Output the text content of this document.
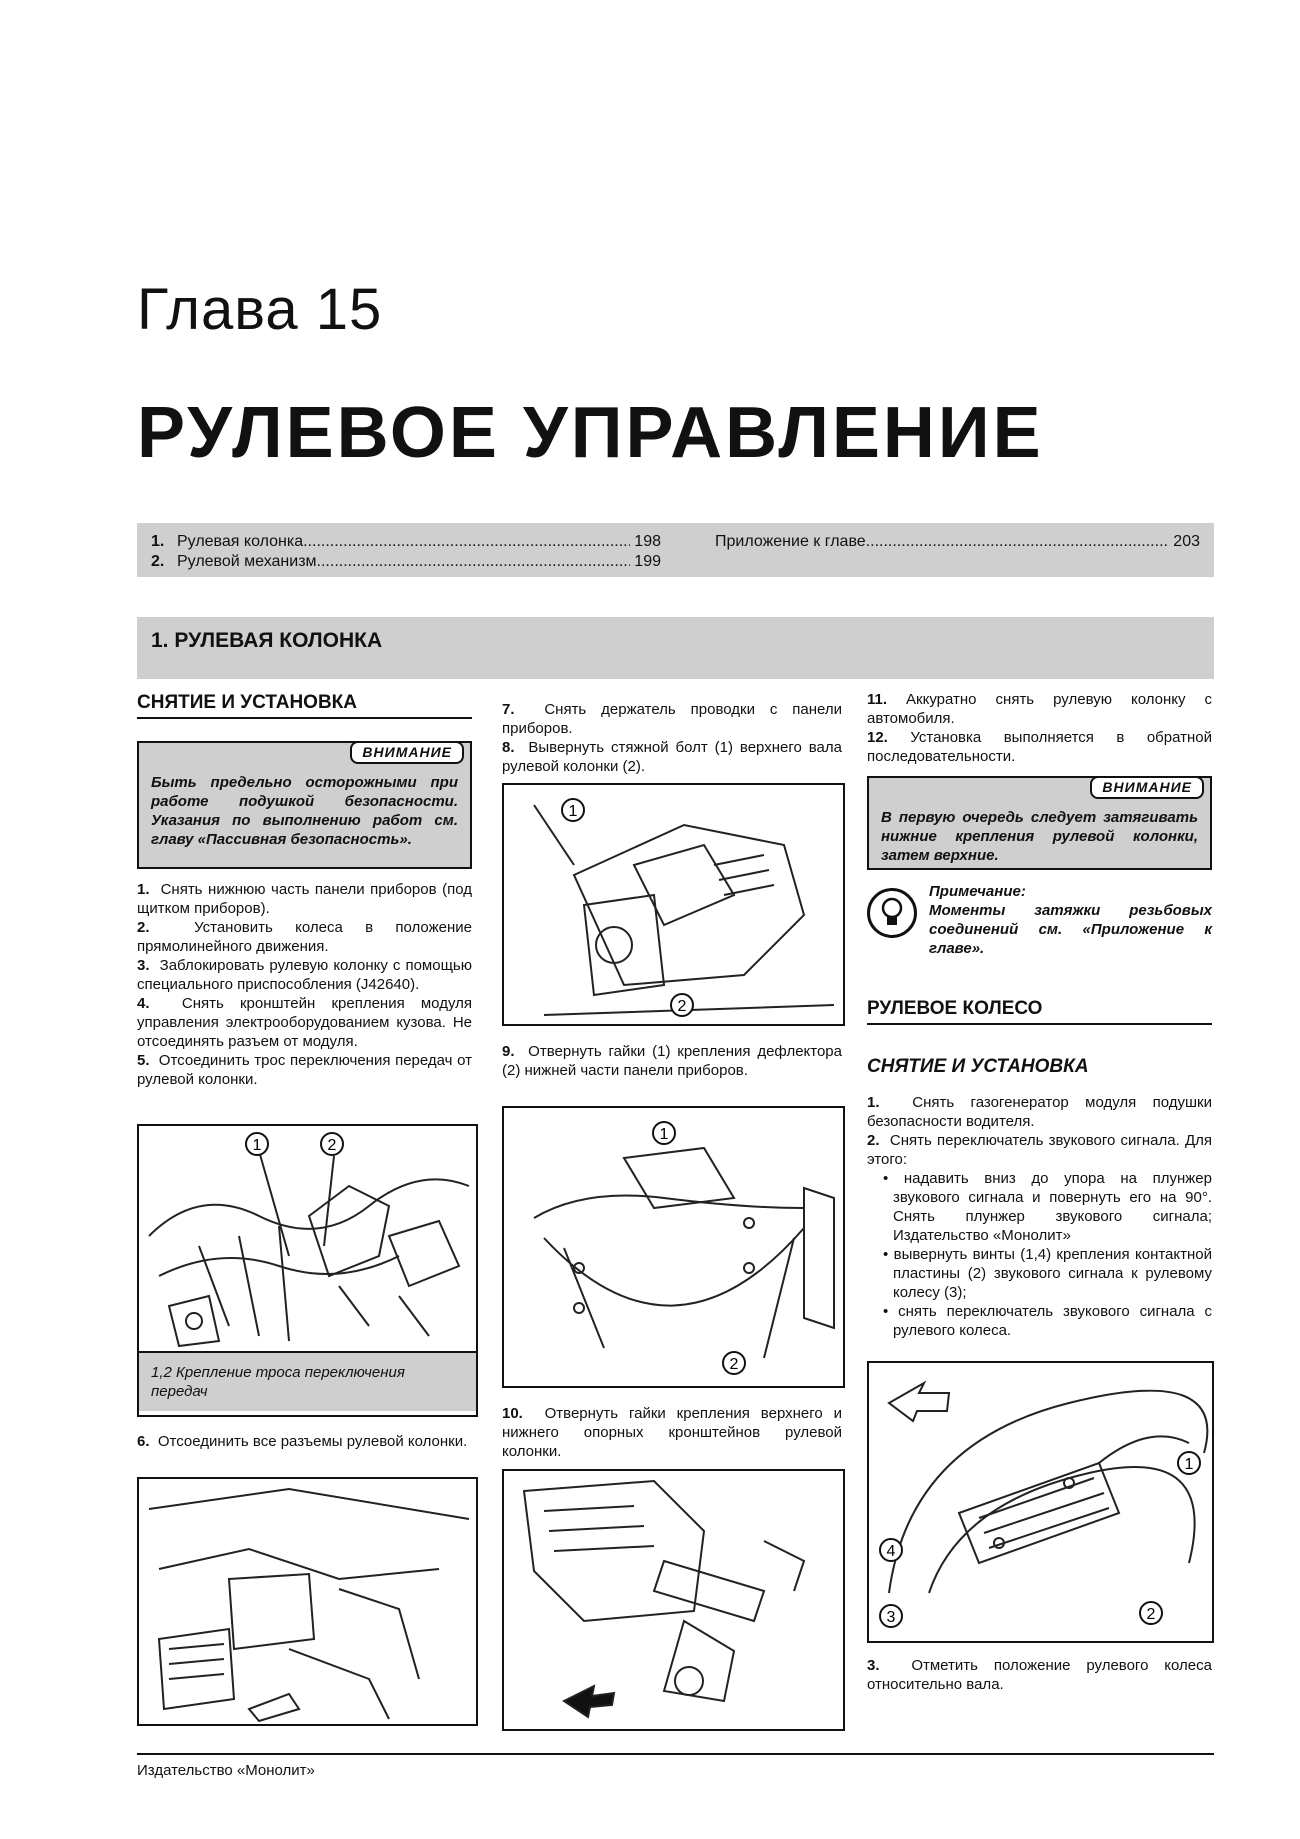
Глава 15
РУЛЕВОЕ УПРАВЛЕНИЕ
1. Рулевая колонка .....	198
2. Рулевой механизм .....	199
Приложение к главе .....	203
1. РУЛЕВАЯ КОЛОНКА
СНЯТИЕ И УСТАНОВКА
ВНИМАНИЕ
Быть предельно осторожными при работе подушкой безопасности. Указания по выполнению работ см. главу «Пассивная безопасность».
1. Снять нижнюю часть панели приборов (под щитком приборов).
2.	Установить колеса в положение прямолинейного движения.
3. Заблокировать рулевую колонку с помощью специального приспособления (J42640).
4. Снять кронштейн крепления модуля управления электрооборудованием кузова. Не отсоединять разъем от модуля.
5. Отсоединить трос переключения передач от рулевой колонки.
1	2
1,2 Крепление троса переключения передач
6. Отсоединить все разъемы рулевой колонки.
7. Снять держатель проводки с панели приборов.
8. Вывернуть стяжной болт (1) верхнего вала рулевой колонки (2).
1
2
9. Отвернуть гайки (1) крепления дефлектора (2) нижней части панели приборов.
1
2
10. Отвернуть гайки крепления верхнего и нижнего опорных кронштейнов рулевой колонки.
11. Аккуратно снять рулевую колонку с автомобиля.
12. Установка выполняется в обратной последовательности.
ВНИМАНИЕ
В первую очередь следует затягивать нижние крепления рулевой колонки, затем верхние.
Примечание:
Моменты затяжки резьбовых соединений см. «Приложение к главе».
РУЛЕВОЕ КОЛЕСО
СНЯТИЕ И УСТАНОВКА
1. Снять газогенератор модуля подушки безопасности водителя.
2. Снять переключатель звукового сигнала. Для этого:
• надавить вниз до упора на плунжер звукового сигнала и повернуть его на 90°. Снять плунжер звукового сигнала; Издательство «Монолит»
• вывернуть винты (1,4) крепления контактной пластины (2) звукового сигнала к рулевому колесу (3);
• снять переключатель звукового сигнала с рулевого колеса.
1
2
3
4
3. Отметить положение рулевого колеса относительно вала.
Издательство «Монолит»
